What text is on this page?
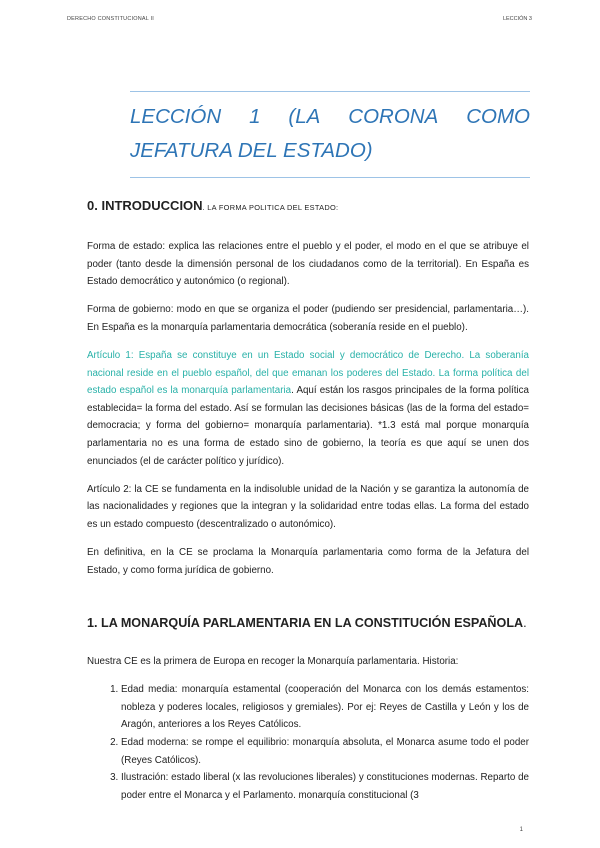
DERECHO CONSTITUCIONAL II	LECCIÓN 3
LECCIÓN 1 (LA CORONA COMO
JEFATURA DEL ESTADO)
0. INTRODUCCION. LA FORMA POLITICA DEL ESTADO:

Forma de estado: explica las relaciones entre el pueblo y el poder, el modo en el que se atribuye el poder (tanto desde la dimensión personal de los ciudadanos como de la territorial). En España es Estado democrático y autonómico (o regional).

Forma de gobierno: modo en que se organiza el poder (pudiendo ser presidencial, parlamentaria…). En España es la monarquía parlamentaria democrática (soberanía reside en el pueblo).

Artículo 1: España se constituye en un Estado social y democrático de Derecho. La soberanía nacional reside en el pueblo español, del que emanan los poderes del Estado. La forma política del estado español es la monarquía parlamentaria. Aquí están los rasgos principales de la forma política establecida= la forma del estado. Así se formulan las decisiones básicas (las de la forma del estado= democracia; y forma del gobierno= monarquía parlamentaria). *1.3 está mal porque monarquía parlamentaria no es una forma de estado sino de gobierno, la teoría es que aquí se unen dos enunciados (el de carácter político y jurídico).

Artículo 2: la CE se fundamenta en la indisoluble unidad de la Nación y se garantiza la autonomía de las nacionalidades y regiones que la integran y la solidaridad entre todas ellas. La forma del estado es un estado compuesto (descentralizado o autonómico).

En definitiva, en la CE se proclama la Monarquía parlamentaria como forma de la Jefatura del Estado, y como forma jurídica de gobierno.

1. LA MONARQUÍA PARLAMENTARIA EN LA CONSTITUCIÓN ESPAÑOLA.

Nuestra CE es la primera de Europa en recoger la Monarquía parlamentaria. Historia:

1. Edad media: monarquía estamental (cooperación del Monarca con los demás estamentos: nobleza y poderes locales, religiosos y gremiales). Por ej: Reyes de Castilla y León y los de Aragón, anteriores a los Reyes Católicos.
2. Edad moderna: se rompe el equilibrio: monarquía absoluta, el Monarca asume todo el poder (Reyes Católicos).
3. Ilustración: estado liberal (x las revoluciones liberales) y constituciones modernas. Reparto de poder entre el Monarca y el Parlamento. monarquía constitucional (3
1
